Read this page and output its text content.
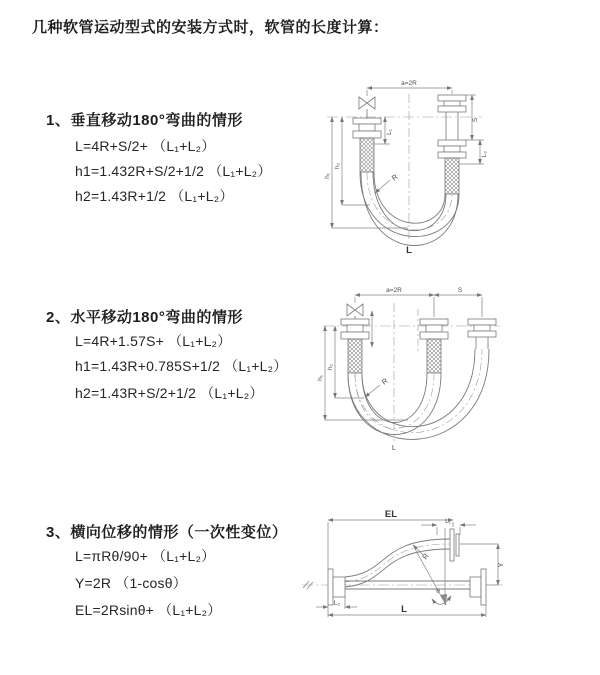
几种软管运动型式的安装方式时，软管的长度计算：
1、垂直移动180°弯曲的情形
L=4R+S/2+ （L₁+L₂）
h1=1.432R+S/2+1/2 （L₁+L₂）
h2=1.43R+1/2 （L₁+L₂）
a=2R
R
h₁
h₂
S
L₂
L₁
L
2、水平移动180°弯曲的情形
L=4R+1.57S+ （L₁+L₂）
h1=1.43R+0.785S+1/2 （L₁+L₂）
h2=1.43R+S/2+1/2 （L₁+L₂）
a=2R	S
R
h₁
h₂
L
3、横向位移的情形（一次性变位）
L=πRθ/90+ （L₁+L₂）
Y=2R （1-cosθ）
EL=2Rsinθ+ （L₁+L₂）
EL
L₁
Y
R
θ
L
L₂
